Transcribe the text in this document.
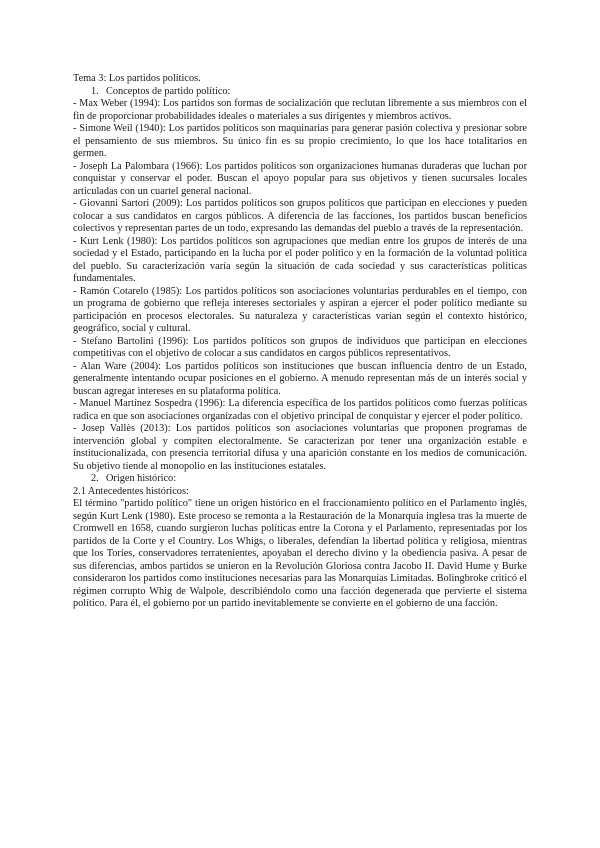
Tema 3: Los partidos políticos.

1. Conceptos de partido político:

- Max Weber (1994): Los partidos son formas de socialización que reclutan libremente a sus miembros con el fin de proporcionar probabilidades ideales o materiales a sus dirigentes y miembros activos.

- Simone Weil (1940): Los partidos políticos son maquinarias para generar pasión colectiva y presionar sobre el pensamiento de sus miembros. Su único fin es su propio crecimiento, lo que los hace totalitarios en germen.

- Joseph La Palombara (1966): Los partidos políticos son organizaciones humanas duraderas que luchan por conquistar y conservar el poder. Buscan el apoyo popular para sus objetivos y tienen sucursales locales articuladas con un cuartel general nacional.

- Giovanni Sartori (2009): Los partidos políticos son grupos políticos que participan en elecciones y pueden colocar a sus candidatos en cargos públicos. A diferencia de las facciones, los partidos buscan beneficios colectivos y representan partes de un todo, expresando las demandas del pueblo a través de la representación.

- Kurt Lenk (1980): Los partidos políticos son agrupaciones que median entre los grupos de interés de una sociedad y el Estado, participando en la lucha por el poder político y en la formación de la voluntad política del pueblo. Su caracterización varía según la situación de cada sociedad y sus características políticas fundamentales.

- Ramón Cotarelo (1985): Los partidos políticos son asociaciones voluntarias perdurables en el tiempo, con un programa de gobierno que refleja intereses sectoriales y aspiran a ejercer el poder político mediante su participación en procesos electorales. Su naturaleza y características varían según el contexto histórico, geográfico, social y cultural.

- Stefano Bartolini (1996): Los partidos políticos son grupos de individuos que participan en elecciones competitivas con el objetivo de colocar a sus candidatos en cargos públicos representativos.

- Alan Ware (2004): Los partidos políticos son instituciones que buscan influencia dentro de un Estado, generalmente intentando ocupar posiciones en el gobierno. A menudo representan más de un interés social y buscan agregar intereses en su plataforma política.

- Manuel Martínez Sospedra (1996): La diferencia específica de los partidos políticos como fuerzas políticas radica en que son asociaciones organizadas con el objetivo principal de conquistar y ejercer el poder político.

- Josep Vallès (2013): Los partidos políticos son asociaciones voluntarias que proponen programas de intervención global y compiten electoralmente. Se caracterizan por tener una organización estable e institucionalizada, con presencia territorial difusa y una aparición constante en los medios de comunicación. Su objetivo tiende al monopolio en las instituciones estatales.

2. Origen histórico:

2.1 Antecedentes históricos:

El término "partido político" tiene un origen histórico en el fraccionamiento político en el Parlamento inglés, según Kurt Lenk (1980). Este proceso se remonta a la Restauración de la Monarquía inglesa tras la muerte de Cromwell en 1658, cuando surgieron luchas políticas entre la Corona y el Parlamento, representadas por los partidos de la Corte y el Country. Los Whigs, o liberales, defendían la libertad política y religiosa, mientras que los Tories, conservadores terratenientes, apoyaban el derecho divino y la obediencia pasiva. A pesar de sus diferencias, ambos partidos se unieron en la Revolución Gloriosa contra Jacobo II. David Hume y Burke consideraron los partidos como instituciones necesarias para las Monarquías Limitadas. Bolingbroke criticó el régimen corrupto Whig de Walpole, describiéndolo como una facción degenerada que pervierte el sistema político. Para él, el gobierno por un partido inevitablemente se convierte en el gobierno de una facción.
